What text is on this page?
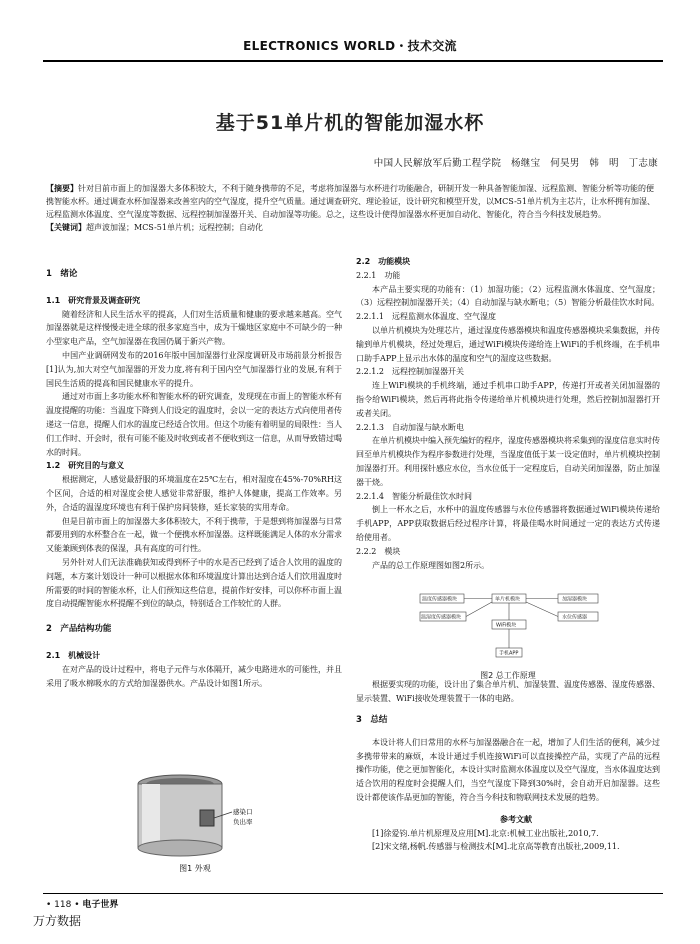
ELECTRONICS WORLD・技术交流
基于51单片机的智能加湿水杯
中国人民解放军后勤工程学院　杨继宝　何昊男　韩　明　丁志康
【摘要】针对目前市面上的加湿器大多体积较大，不利于随身携带的不足，考虑将加湿器与水杯进行功能融合，研制开发一种具备智能加湿、远程监测、智能分析等功能的便携智能水杯。通过调查水杯加湿器来改善室内的空气湿度，提升空气质量。通过调查研究、理论验证，设计研究和模型开发，以MCS-51单片机为主芯片，让水杯拥有加湿、远程监测水体温度、空气湿度等数据、远程控制加湿器开关、自动加湿等功能。总之，这些设计使得加湿器水杯更加自动化、智能化，符合当今科技发展趋势。
【关键词】超声波加湿；MCS-51单片机；远程控制；自动化

1　绪论

1.1　研究背景及调查研究

随着经济和人民生活水平的提高，人们对生活质量和健康的要求越来越高。空气加湿器就是这样慢慢走进全球的很多家庭当中，成为干燥地区家庭中不可缺少的一种小型家电产品，空气加湿器在我国仍属于新兴产物。

中国产业调研网发布的2016年版中国加湿器行业深度调研及市场前景分析报告[1]认为,加大对空气加湿器的开发力度,将有利于国内空气加湿器行业的发展,有利于国民生活质的提高和国民健康水平的提升。

通过对市面上多功能水杯和智能水杯的研究调查，发现现在市面上的智能水杯有温度提醒的功能：当温度下降到人们设定的温度时，会以一定的表达方式向使用者传递这一信息，提醒人们水的温度已经适合饮用。但这个功能有着明显的局限性：当人们工作时、开会时，很有可能不能及时收到或者不便收到这一信息，从而导致错过喝水的时间。

1.2　研究目的与意义

根据测定，人感觉最舒服的环境温度在25℃左右，相对湿度在45%-70%RH这个区间，合适的相对湿度会使人感觉非常舒服，维护人体健康，提高工作效率。另外，合适的温湿度环境也有利于保护房间装修，延长家装的实用寿命。

但是目前市面上的加湿器大多体积较大，不利于携带，于是想到将加湿器与日常都要用到的水杯整合在一起，做一个便携水杯加湿器。这样既能满足人体的水分需求又能兼顾到体表的保湿，具有高度的可行性。

另外针对人们无法准确获知或得到杯子中的水是否已经到了适合人饮用的温度的问题，本方案计划设计一种可以根据水体和环境温度计算出达到合适人们饮用温度时所需要的时间的智能水杯，让人们预知这些信息，提前作好安排，可以你杯市面上温度自动提醒智能水杯提醒不到位的缺点，特别适合工作较忙的人群。

2　产品结构功能

2.1　机械设计

在对产品的设计过程中，将电子元件与水体隔开，减少电路进水的可能性，并且采用了吸水棉吸水的方式给加湿器供水。产品设计如图1所示。

感染口
负出率
图1 外观

2.2　功能模块

2.2.1　功能

本产品主要实现的功能有：（1）加湿功能；（2）远程监测水体温度、空气湿度；（3）远程控制加湿器开关；（4）自动加湿与缺水断电；（5）智能分析最佳饮水时间。

2.2.1.1　远程监测水体温度、空气湿度

以单片机模块为处理芯片，通过湿度传感器模块和温度传感器模块采集数据，并传输到单片机模块，经过处理后，通过WiFi模块传递给连上WiFi的手机终端，在手机串口助手APP上显示出水体的温度和空气的湿度这些数据。

2.2.1.2　远程控制加湿器开关

连上WiFi模块的手机终端，通过手机串口助手APP，传递打开或者关闭加湿器的指令给WiFi模块，然后再将此指令传递给单片机模块进行处理，然后控制加湿器打开或者关闭。

2.2.1.3　自动加湿与缺水断电

在单片机模块中编入预先编好的程序，湿度传感器模块将采集到的湿度信息实时传回至单片机模块作为程序参数进行处理，当湿度值低于某一设定值时，单片机模块控制加湿器打开。利用探针感应水位，当水位低于一定程度后，自动关闭加湿器，防止加湿器干烧。

2.2.1.4　智能分析最佳饮水时间

倒上一杯水之后，水杯中的温度传感器与水位传感器将数据通过WiFi模块传递给手机APP，APP获取数据后经过程序计算，将最佳喝水时间通过一定的表达方式传递给使用者。

2.2.2　模块

产品的总工作原理图如图2所示。

根据要实现的功能，设计出了集合单片机、加湿装置、温度传感器、湿度传感器、显示装置、WiFi接收处理装置于一体的电路。

3　总结

本设计将人们日常用的水杯与加湿器融合在一起，增加了人们生活的便利，减少过多携带带来的麻烦，本设计通过手机连接WiFi可以直接操控产品，实现了产品的远程操作功能，使之更加智能化，本设计实时监测水体温度以及空气湿度，当水体温度达到适合饮用的程度时会提醒人们，当空气湿度下降到30%时，会自动开启加湿器。这些设计都使该作品更加的智能，符合当今科技和物联网技术发展的趋势。

参考文献

[1]徐爱钧.单片机原理及应用[M].北京:机械工业出版社,2010,7.

[2]宋文绪,杨帆.传感器与检测技术[M].北京高等教育出版社,2009,11.

温度传感器模块	单片机模块
WiFi模块
手机APP
温湿度传感器模块
加湿器模块
水位传感器
图2 总工作原理
• 118 • 电子世界
万方数据
